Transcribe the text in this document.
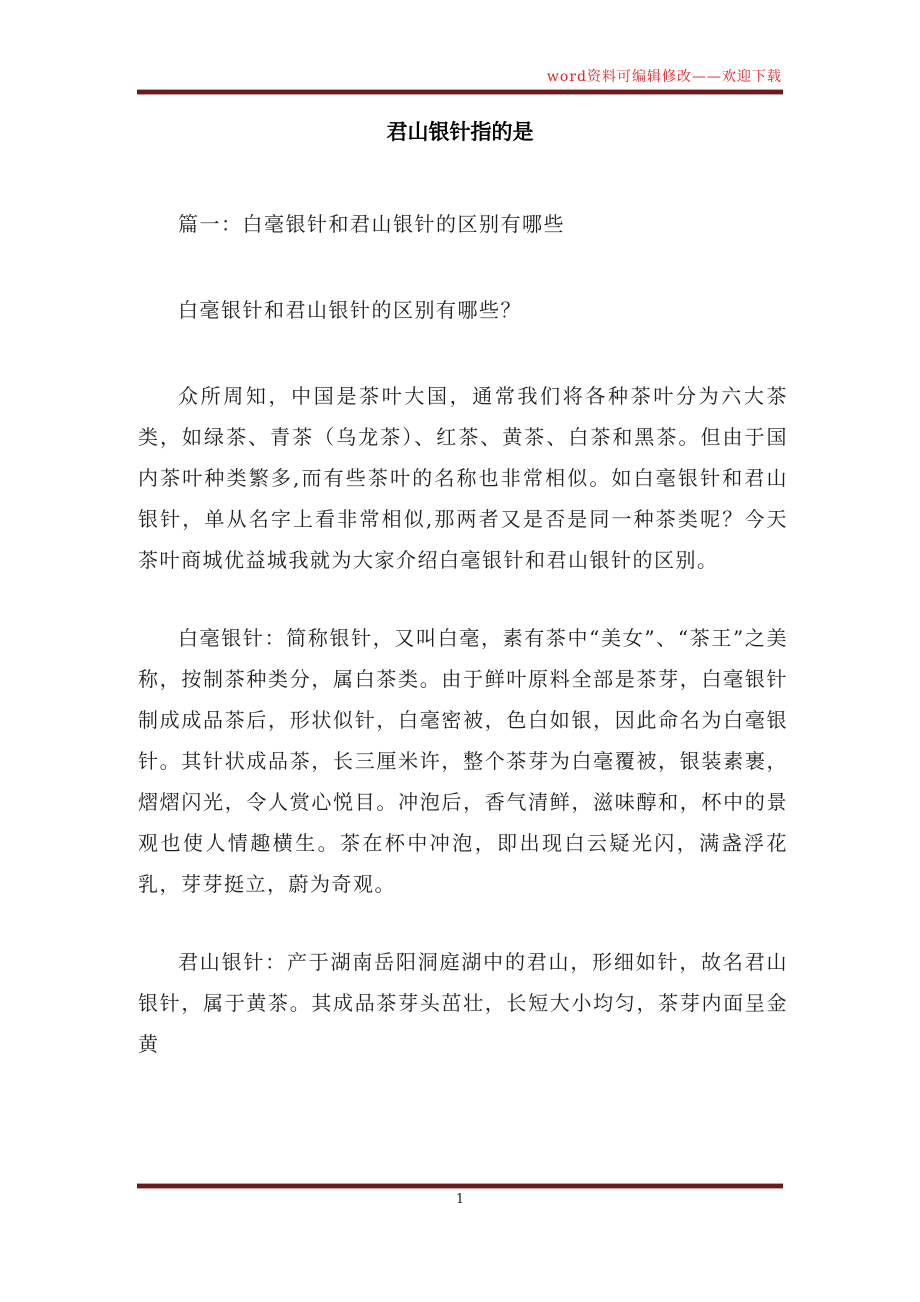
word资料可编辑修改——欢迎下载
君山银针指的是

篇一：白毫银针和君山银针的区别有哪些

白毫银针和君山银针的区别有哪些？

众所周知，中国是茶叶大国，通常我们将各种茶叶分为六大茶类，如绿茶、青茶（乌龙茶）、红茶、黄茶、白茶和黑茶。但由于国内茶叶种类繁多,而有些茶叶的名称也非常相似。如白毫银针和君山银针，单从名字上看非常相似,那两者又是否是同一种茶类呢？今天茶叶商城优益城我就为大家介绍白毫银针和君山银针的区别。

白毫银针：简称银针，又叫白毫，素有茶中“美女”、“茶王”之美称，按制茶种类分，属白茶类。由于鲜叶原料全部是茶芽，白毫银针制成成品茶后，形状似针，白毫密被，色白如银，因此命名为白毫银针。其针状成品茶，长三厘米许，整个茶芽为白毫覆被，银装素裹，熠熠闪光，令人赏心悦目。冲泡后，香气清鲜，滋味醇和，杯中的景观也使人情趣横生。茶在杯中冲泡，即出现白云疑光闪，满盏浮花乳，芽芽挺立，蔚为奇观。

君山银针：产于湖南岳阳洞庭湖中的君山，形细如针，故名君山银针，属于黄茶。其成品茶芽头茁壮，长短大小均匀，茶芽内面呈金黄

1
